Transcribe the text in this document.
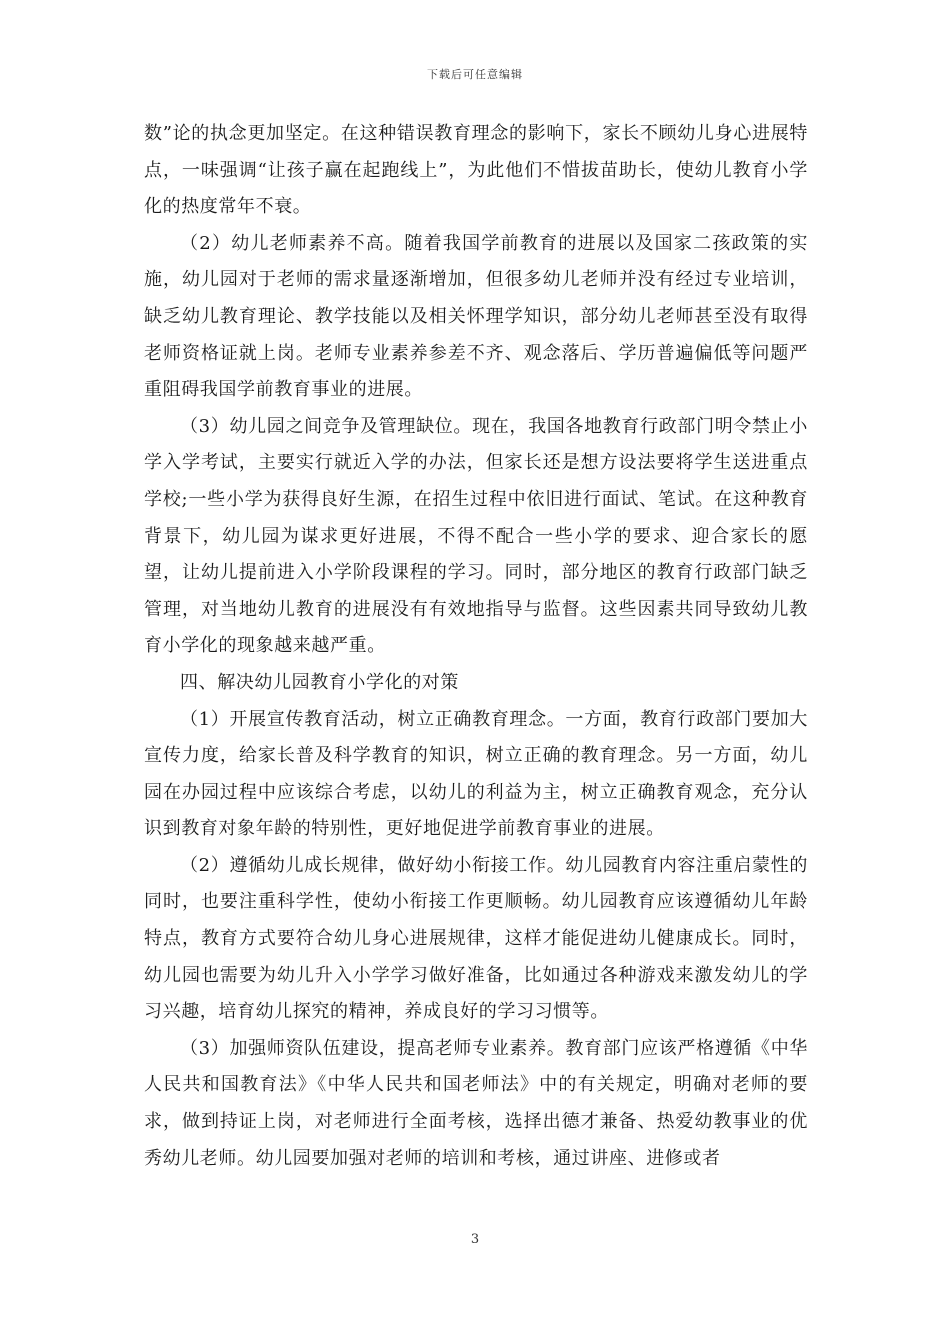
下载后可任意编辑

数”论的执念更加坚定。在这种错误教育理念的影响下，家长不顾幼儿身心进展特点，一味强调“让孩子赢在起跑线上”，为此他们不惜拔苗助长，使幼儿教育小学化的热度常年不衰。

（2）幼儿老师素养不高。随着我国学前教育的进展以及国家二孩政策的实施，幼儿园对于老师的需求量逐渐增加，但很多幼儿老师并没有经过专业培训，缺乏幼儿教育理论、教学技能以及相关怀理学知识，部分幼儿老师甚至没有取得老师资格证就上岗。老师专业素养参差不齐、观念落后、学历普遍偏低等问题严重阻碍我国学前教育事业的进展。

（3）幼儿园之间竞争及管理缺位。现在，我国各地教育行政部门明令禁止小学入学考试，主要实行就近入学的办法，但家长还是想方设法要将学生送进重点学校;一些小学为获得良好生源，在招生过程中依旧进行面试、笔试。在这种教育背景下，幼儿园为谋求更好进展，不得不配合一些小学的要求、迎合家长的愿望，让幼儿提前进入小学阶段课程的学习。同时，部分地区的教育行政部门缺乏管理，对当地幼儿教育的进展没有有效地指导与监督。这些因素共同导致幼儿教育小学化的现象越来越严重。

四、解决幼儿园教育小学化的对策

（1）开展宣传教育活动，树立正确教育理念。一方面，教育行政部门要加大宣传力度，给家长普及科学教育的知识，树立正确的教育理念。另一方面，幼儿园在办园过程中应该综合考虑，以幼儿的利益为主，树立正确教育观念，充分认识到教育对象年龄的特别性，更好地促进学前教育事业的进展。

（2）遵循幼儿成长规律，做好幼小衔接工作。幼儿园教育内容注重启蒙性的同时，也要注重科学性，使幼小衔接工作更顺畅。幼儿园教育应该遵循幼儿年龄特点，教育方式要符合幼儿身心进展规律，这样才能促进幼儿健康成长。同时，幼儿园也需要为幼儿升入小学学习做好准备，比如通过各种游戏来激发幼儿的学习兴趣，培育幼儿探究的精神，养成良好的学习习惯等。

（3）加强师资队伍建设，提高老师专业素养。教育部门应该严格遵循《中华人民共和国教育法》《中华人民共和国老师法》中的有关规定，明确对老师的要求，做到持证上岗，对老师进行全面考核，选择出德才兼备、热爱幼教事业的优秀幼儿老师。幼儿园要加强对老师的培训和考核，通过讲座、进修或者

3
